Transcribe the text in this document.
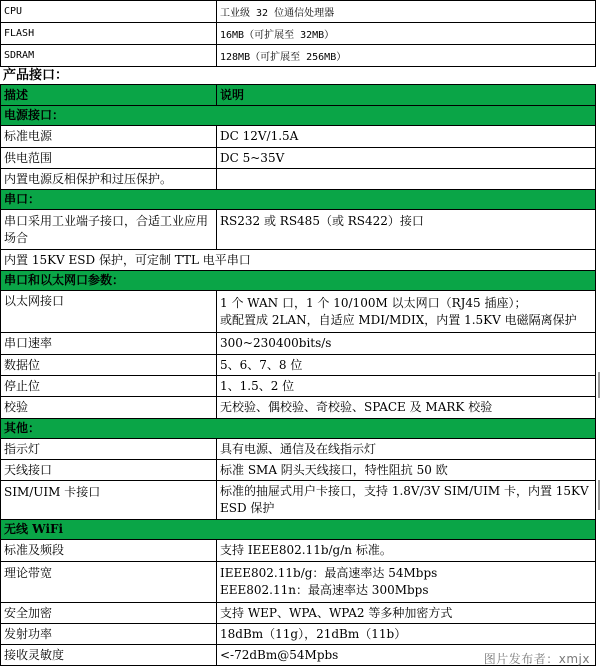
CPU	工业级 32 位通信处理器
FLASH	16MB（可扩展至 32MB）
SDRAM	128MB（可扩展至 256MB）
产品接口：
描述	说明
电源接口：	
标准电源	DC 12V/1.5A
供电范围	DC 5~35V
内置电源反相保护和过压保护。	
串口：	
串口采用工业端子接口，合适工业应用场合	RS232 或 RS485（或 RS422）接口
内置 15KV ESD 保护，可定制 TTL 电平串口	
串口和以太网口参数：	
以太网接口	1 个 WAN 口，1 个 10/100M 以太网口（RJ45 插座）；
或配置成 2LAN，自适应 MDI/MDIX，内置 1.5KV 电磁隔离保护

串口速率	300~230400bits/s
数据位	5、6、7、8 位
停止位	1、1.5、2 位
校验	无校验、偶校验、奇校验、SPACE 及 MARK 校验
其他：	
指示灯	具有电源、通信及在线指示灯
天线接口	标准 SMA 阴头天线接口，特性阻抗 50 欧
SIM/UIM 卡接口	标准的抽屉式用户卡接口，支持 1.8V/3V SIM/UIM 卡，内置 15KV ESD 保护
无线 WiFi	
标准及频段	支持 IEEE802.11b/g/n 标准。
理论带宽	IEEE802.11b/g：最高速率达 54Mbps
EEE802.11n：最高速率达 300Mbps

安全加密	支持 WEP、WPA、WPA2 等多种加密方式
发射功率	18dBm（11g），21dBm（11b）
接收灵敏度	<-72dBm@54Mpbs	图片发布者：xmjx
